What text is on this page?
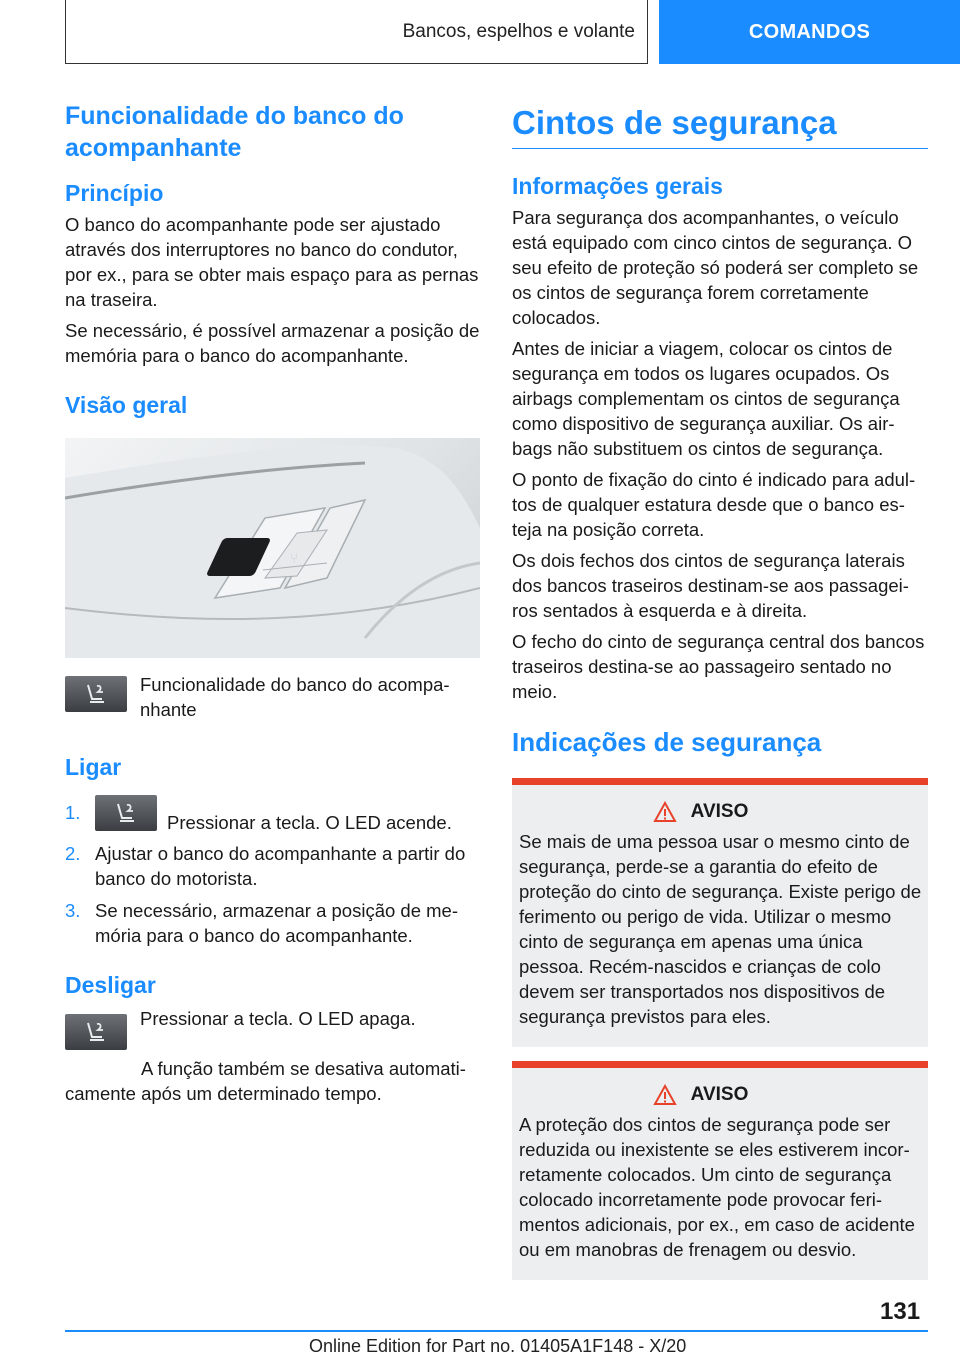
Bancos, espelhos e volante	COMANDOS
Funcionalidade do banco do acompanhante
Princípio

O banco do acompanhante pode ser ajustado através dos interruptores no banco do condutor, por ex., para se obter mais espaço para as pernas na traseira.

Se necessário, é possível armazenar a posição de memória para o banco do acompanhante.

Visão geral
⑂

Funcionalidade do banco do acompanhante

Ligar
1.	Pressionar a tecla. O LED acende.
2. Ajustar o banco do acompanhante a partir do banco do motorista.
3. Se necessário, armazenar a posição de memória para o banco do acompanhante.
Desligar

Pressionar a tecla. O LED apaga.

A função também se desativa automaticamente após um determinado tempo.

Cintos de segurança
Informações gerais

Para segurança dos acompanhantes, o veículo está equipado com cinco cintos de segurança. O seu efeito de proteção só poderá ser completo se os cintos de segurança forem corretamente colocados.

Antes de iniciar a viagem, colocar os cintos de segurança em todos os lugares ocupados. Os airbags complementam os cintos de segurança como dispositivo de segurança auxiliar. Os airbags não substituem os cintos de segurança.

O ponto de fixação do cinto é indicado para adultos de qualquer estatura desde que o banco esteja na posição correta.

Os dois fechos dos cintos de segurança laterais dos bancos traseiros destinam-se aos passageiros sentados à esquerda e à direita.

O fecho do cinto de segurança central dos bancos traseiros destina-se ao passageiro sentado no meio.

Indicações de segurança
AVISO

Se mais de uma pessoa usar o mesmo cinto de segurança, perde-se a garantia do efeito de proteção do cinto de segurança. Existe perigo de ferimento ou perigo de vida. Utilizar o mesmo cinto de segurança em apenas uma única pessoa. Recém-nascidos e crianças de colo devem ser transportados nos dispositivos de segurança previstos para eles.

AVISO

A proteção dos cintos de segurança pode ser reduzida ou inexistente se eles estiverem incorretamente colocados. Um cinto de segurança colocado incorretamente pode provocar ferimentos adicionais, por ex., em caso de acidente ou em manobras de frenagem ou desvio.

131
Online Edition for Part no. 01405A1F148 - X/20
